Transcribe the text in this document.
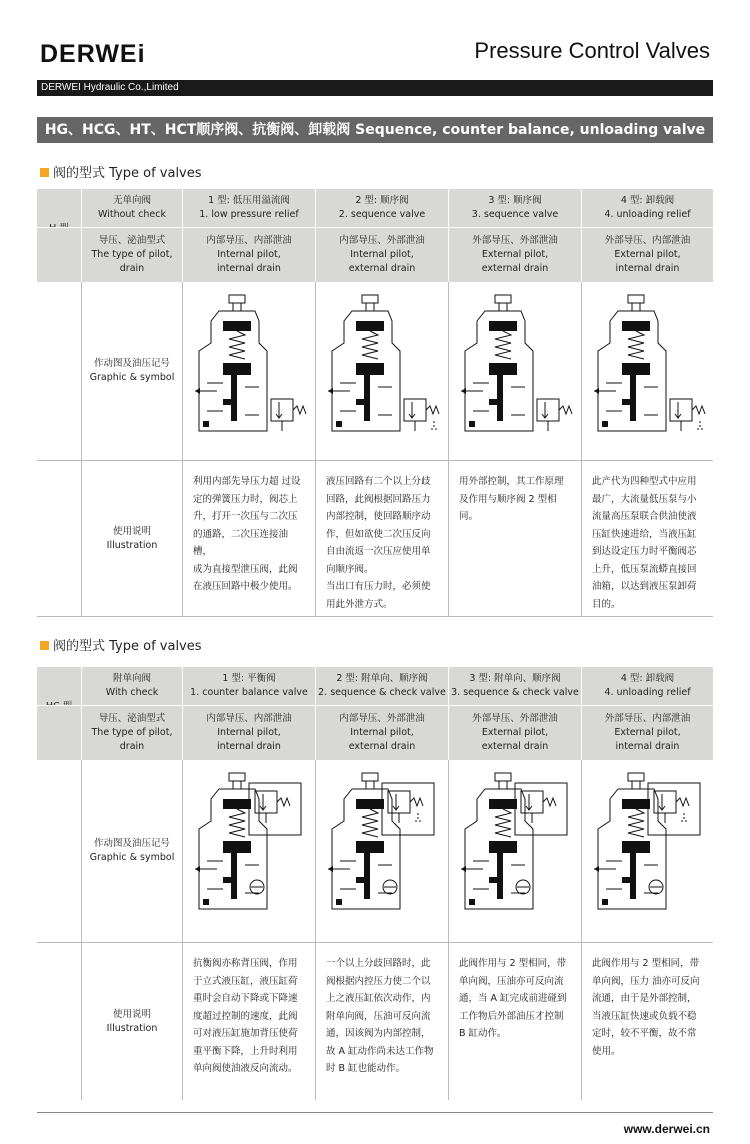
DERWEi	Pressure Control Valves
DERWEI Hydraulic Co.,Limited
HG、HCG、HT、HCT顺序阀、抗衡阀、卸载阀 Sequence, counter balance, unloading valve
阀的型式 Type of valves
无单向阀
Without check
1 型: 低压用溢流阀
1. low pressure relief
2 型: 顺序阀
2. sequence valve
3 型: 顺序阀
3. sequence valve
4 型: 卸载阀
4. unloading relief
导压、泌油型式
The type of pilot,
drain
内部导压、内部泄油
Internal pilot,
internal drain
内部导压、外部泄油
Internal pilot,
external drain
外部导压、外部泄油
External pilot,
external drain
外部导压、内部泄油
External pilot,
internal drain
作动图及油压记号
Graphic & symbol
使用说明
Illustration
利用内部先导压力超 过设
定的弹簧压力时，阀芯上
升，打开一次压与二次压
的通路，二次压连接油槽，
成为直接型泄压阀，此阀
在液压回路中极少使用。
液压回路有二个以上分歧
回路，此阀根据回路压力
内部控制，使回路顺序动
作，但如欲使二次压反向
自由流返一次压应使用单
向顺序阀。
当出口有压力时，必须使
用此外泄方式。
用外部控制，其工作原理
及作用与顺序阀 2 型相同。
此产代为四种型式中应用
最广，大流量低压泵与小
流量高压泵联合供油使液
压缸快速进给，当液压缸
到达设定压力时平衡阀芯
上升，低压泵流蟒直接回
油箱，以达到液压泵卸荷
目的。
阀的型式 Type of valves
附单向阀
With check
1 型: 平衡阀
1. counter balance valve
2 型: 附单向、顺序阀
2. sequence & check valve
3 型: 附单向、顺序阀
3. sequence & check valve
4 型: 卸载阀
4. unloading relief
导压、泌油型式
The type of pilot,
drain
内部导压、内部泄油
Internal pilot,
internal drain
内部导压、外部泄油
Internal pilot,
external drain
外部导压、外部泄油
External pilot,
external drain
外部导压、内部泄油
External pilot,
internal drain
作动图及油压记号
Graphic & symbol
使用说明
Illustration
抗衡阀亦称背压阀，作用
于立式液压缸，液压缸荷
重时会自动下降或下降速
度超过控制的速度，此阀
可对液压缸施加背压使荷
重平衡下降，上升时利用
单向阀使油液反向流动。
一个以上分歧回路时，此
阀根据内控压力使二个以
上之液压缸依次动作，内
附单向阀，压油可反向流
通，因该阀为内部控制，
故 A 缸动作尚未达工作物
时 B 缸也能动作。
此阀作用与 2 型相同，带
单向阀，压油亦可反向流
通，当 A 缸完成前进碰到
工作物后外部油压才控制
B 缸动作。
此阀作用与 2 型相同，带
单向阀，压力 油亦可反向
流通，由于是外部控制，
当液压缸快速或负载不稳
定时，较不平衡，故不常
使用。
www.derwei.cn
